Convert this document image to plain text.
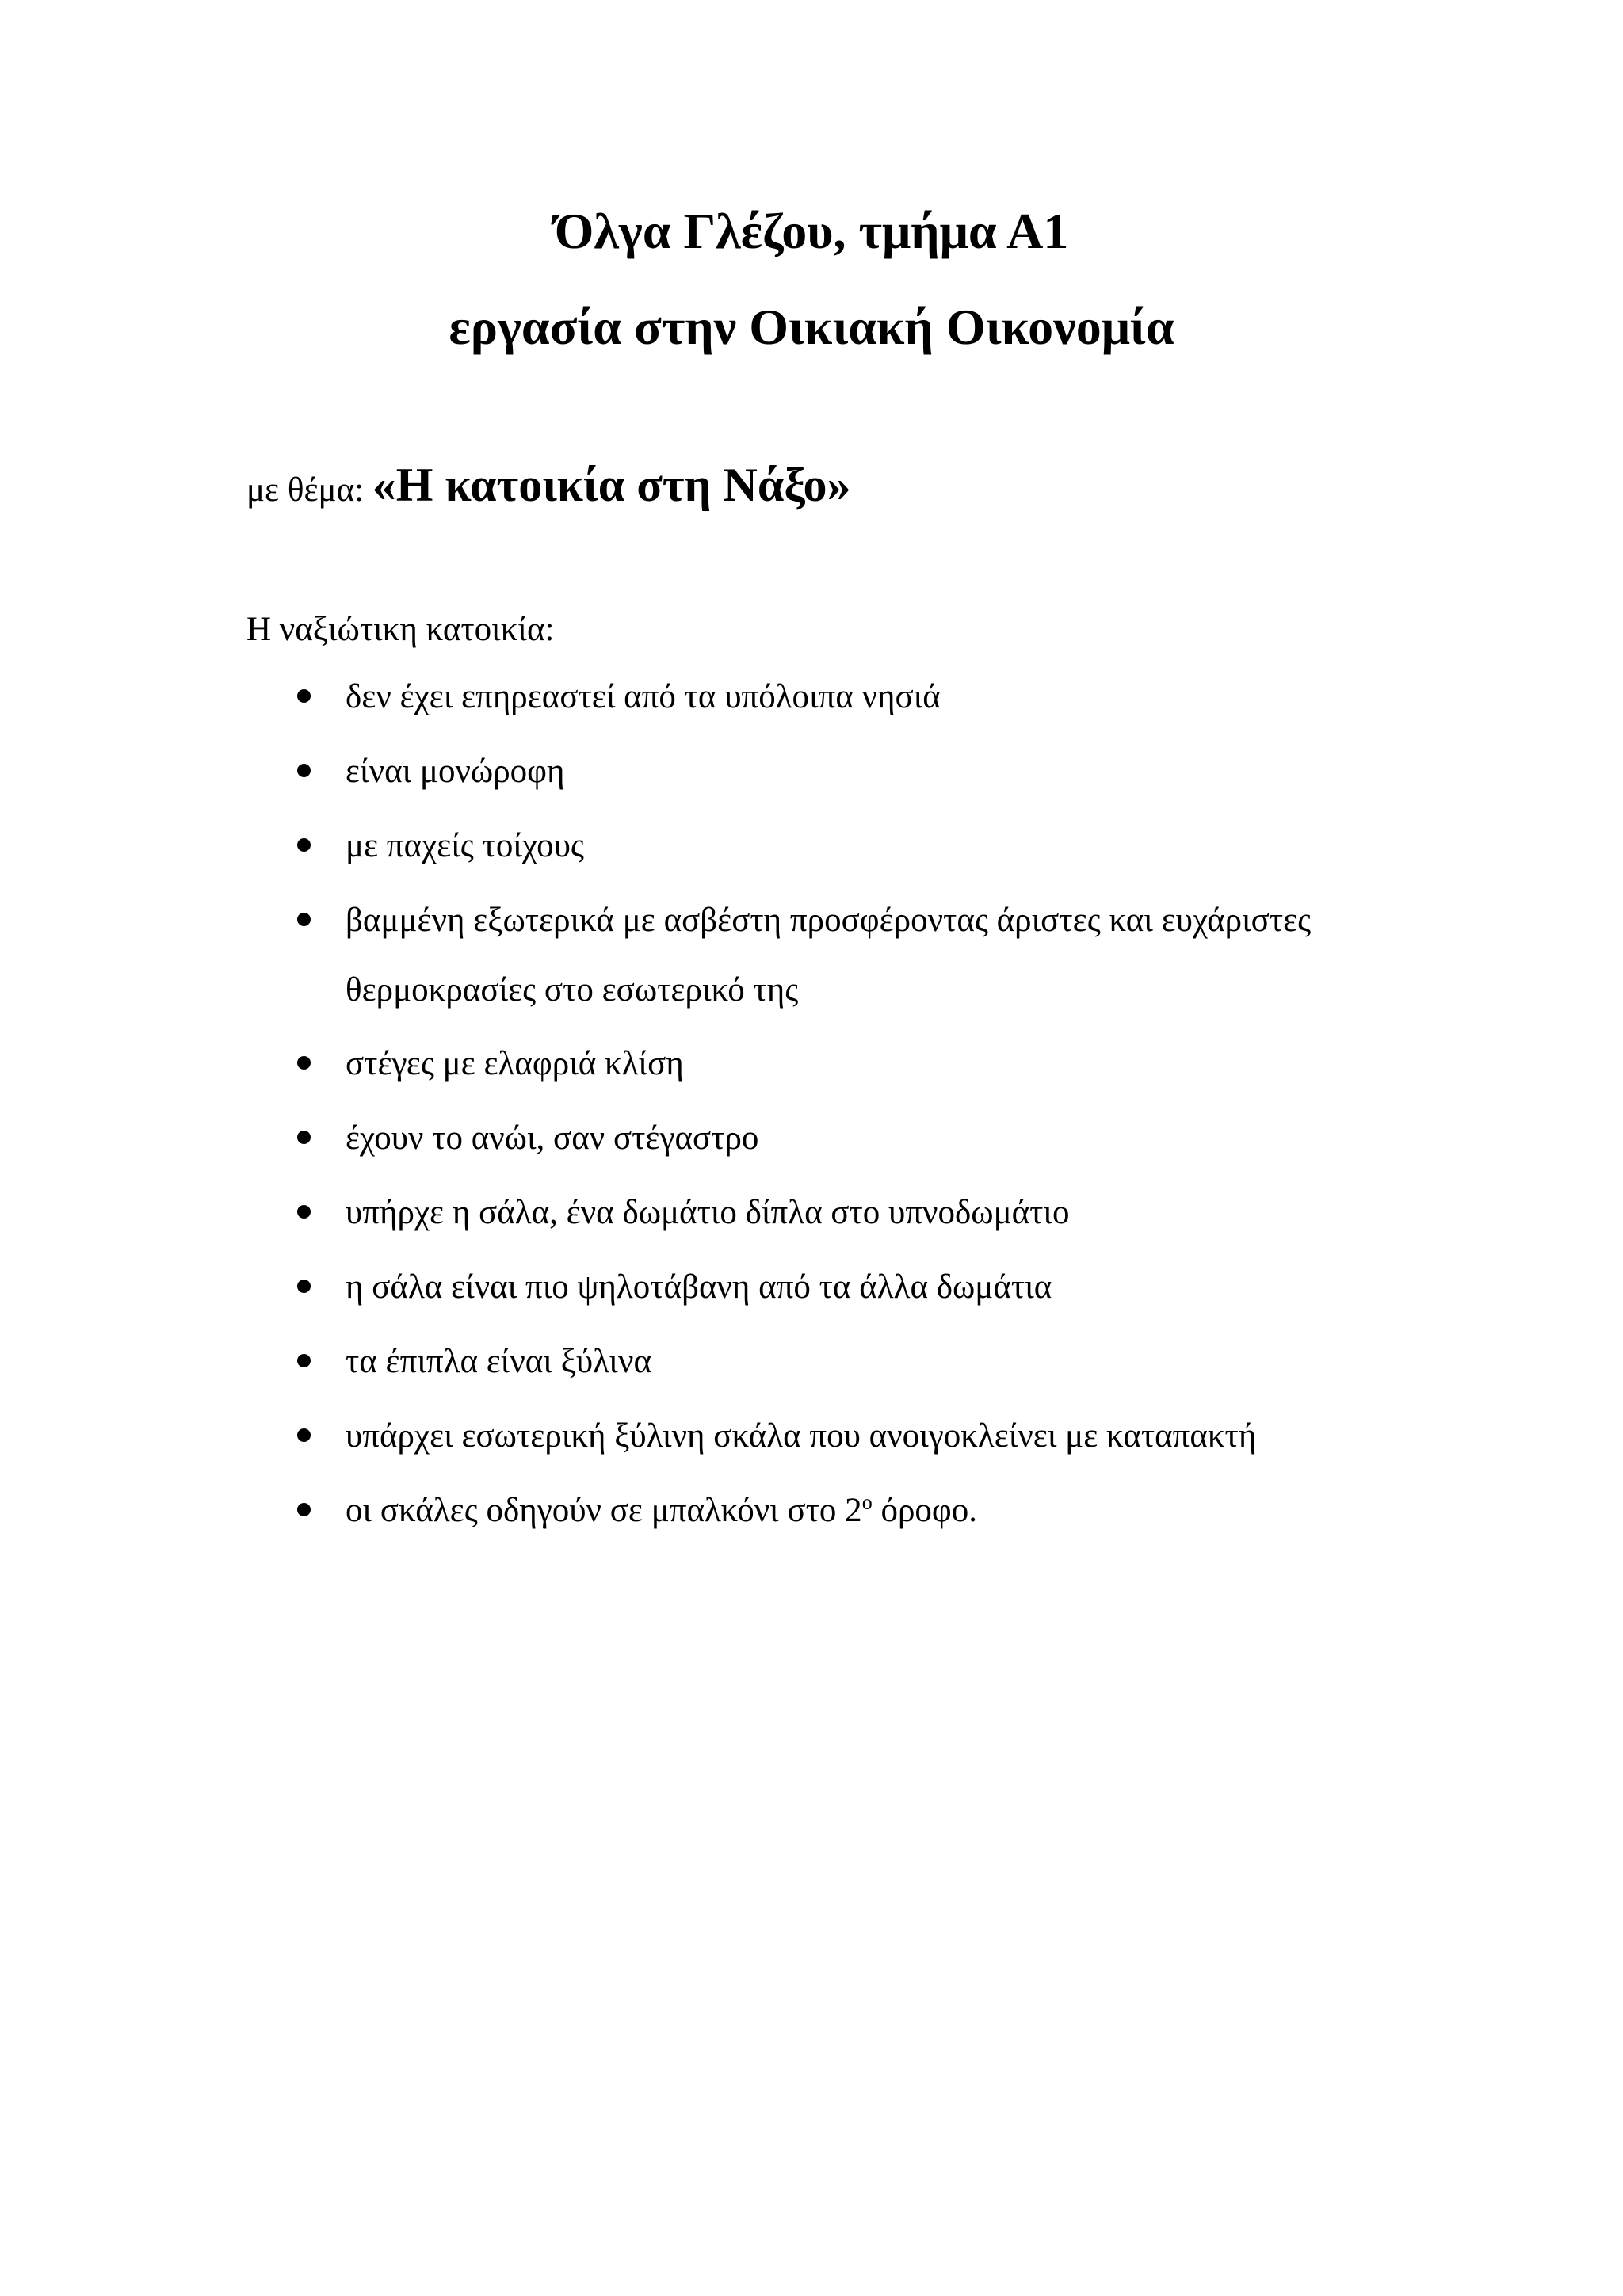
Όλγα Γλέζου, τμήμα Α1
εργασία στην Οικιακή Οικονομία
με θέμα: «Η κατοικία στη Νάξο»

Η ναξιώτικη κατοικία:

δεν έχει επηρεαστεί από τα υπόλοιπα νησιά
είναι μονώροφη
με παχείς τοίχους
βαμμένη εξωτερικά με ασβέστη προσφέροντας άριστες και ευχάριστες θερμοκρασίες στο εσωτερικό της
στέγες με ελαφριά κλίση
έχουν το ανώι, σαν στέγαστρο
υπήρχε η σάλα, ένα δωμάτιο δίπλα στο υπνοδωμάτιο
η σάλα είναι πιο ψηλοτάβανη από τα άλλα δωμάτια
τα έπιπλα είναι ξύλινα
υπάρχει εσωτερική ξύλινη σκάλα που ανοιγοκλείνει με καταπακτή
οι σκάλες οδηγούν σε μπαλκόνι στο $2^o$ όροφο.
